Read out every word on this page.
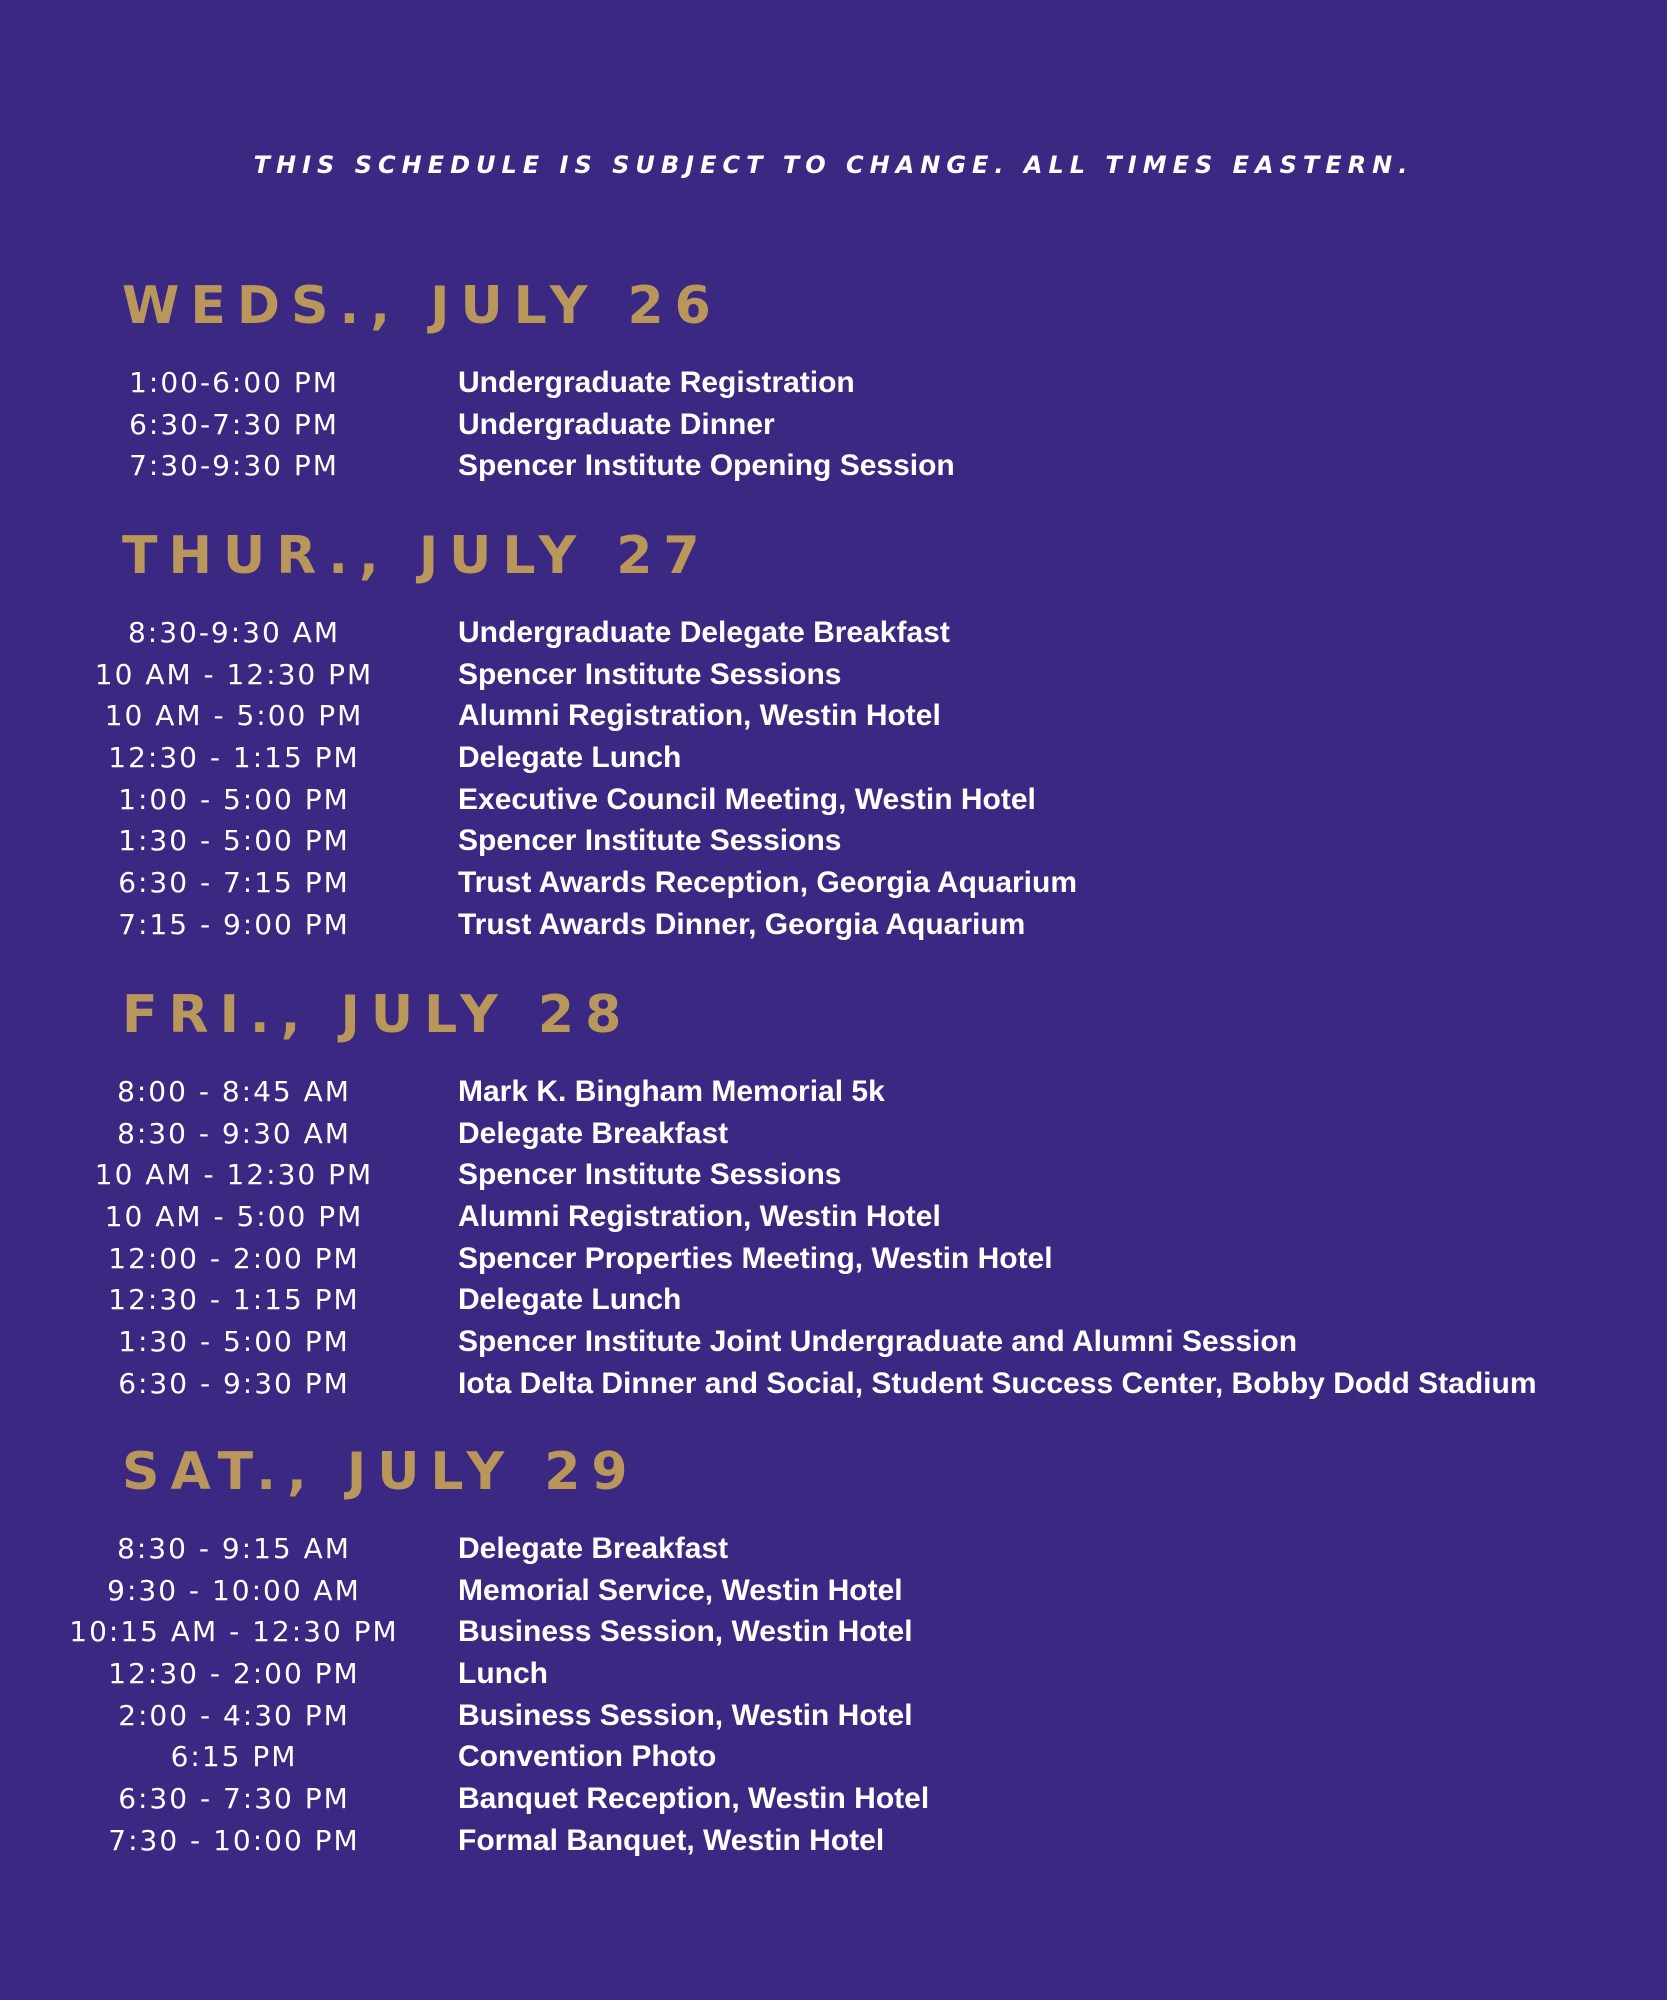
THIS SCHEDULE IS SUBJECT TO CHANGE. ALL TIMES EASTERN.
WEDS., JULY 26
1:00-6:00 PM	Undergraduate Registration
6:30-7:30 PM	Undergraduate Dinner
7:30-9:30 PM	Spencer Institute Opening Session
THUR., JULY 27
8:30-9:30 AM	Undergraduate Delegate Breakfast
10 AM - 12:30 PM	Spencer Institute Sessions
10 AM - 5:00 PM	Alumni Registration, Westin Hotel
12:30 - 1:15 PM	Delegate Lunch
1:00 - 5:00 PM	Executive Council Meeting, Westin Hotel
1:30 - 5:00 PM	Spencer Institute Sessions
6:30 - 7:15 PM	Trust Awards Reception, Georgia Aquarium
7:15 - 9:00 PM	Trust Awards Dinner, Georgia Aquarium
FRI., JULY 28
8:00 - 8:45 AM	Mark K. Bingham Memorial 5k
8:30 - 9:30 AM	Delegate Breakfast
10 AM - 12:30 PM	Spencer Institute Sessions
10 AM - 5:00 PM	Alumni Registration, Westin Hotel
12:00 - 2:00 PM	Spencer Properties Meeting, Westin Hotel
12:30 - 1:15 PM	Delegate Lunch
1:30 - 5:00 PM	Spencer Institute Joint Undergraduate and Alumni Session
6:30 - 9:30 PM	Iota Delta Dinner and Social, Student Success Center, Bobby Dodd Stadium
SAT., JULY 29
8:30 - 9:15 AM	Delegate Breakfast
9:30 - 10:00 AM	Memorial Service, Westin Hotel
10:15 AM - 12:30 PM	Business Session, Westin Hotel
12:30 - 2:00 PM	Lunch
2:00 - 4:30 PM	Business Session, Westin Hotel
6:15 PM	Convention Photo
6:30 - 7:30 PM	Banquet Reception, Westin Hotel
7:30 - 10:00 PM	Formal Banquet, Westin Hotel
